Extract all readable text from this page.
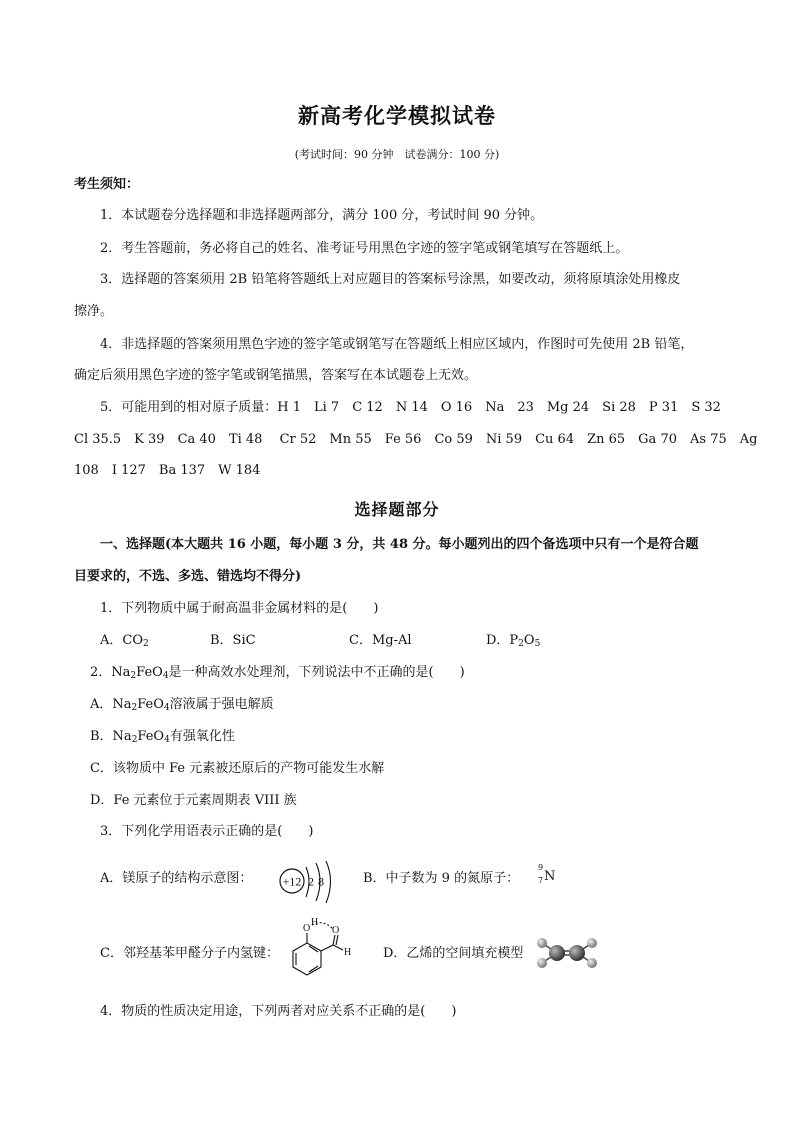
新高考化学模拟试卷
(考试时间：90 分钟　试卷满分：100 分)
考生须知：
1．本试题卷分选择题和非选择题两部分，满分 100 分，考试时间 90 分钟。
2．考生答题前，务必将自己的姓名、准考证号用黑色字迹的签字笔或钢笔填写在答题纸上。
3．选择题的答案须用 2B 铅笔将答题纸上对应题目的答案标号涂黑，如要改动，须将原填涂处用橡皮
擦净。
4．非选择题的答案须用黑色字迹的签字笔或钢笔写在答题纸上相应区域内，作图时可先使用 2B 铅笔，
确定后须用黑色字迹的签字笔或钢笔描黑，答案写在本试题卷上无效。
5．可能用到的相对原子质量：H 1　Li 7　C 12　N 14　O 16　Na　23　Mg 24　Si 28　P 31　S 32
Cl 35.5　K 39　Ca 40　Ti 48　 Cr 52　Mn 55　Fe 56　Co 59　Ni 59　Cu 64　Zn 65　Ga 70　As 75　Ag
108　I 127　Ba 137　W 184
选择题部分
一、选择题(本大题共 16 小题，每小题 3 分，共 48 分。每小题列出的四个备选项中只有一个是符合题
目要求的，不选、多选、错选均不得分)
1．下列物质中属于耐高温非金属材料的是(　　)
A．$CO_2$	B．SiC	C．Mg-Al	D．$P_2O_5$
2．$Na_2FeO_4$是一种高效水处理剂，下列说法中不正确的是(　　)
A．$Na_2FeO_4$溶液属于强电解质
B．$Na_2FeO_4$有强氧化性
C．该物质中 Fe 元素被还原后的产物可能发生水解
D．Fe 元素位于元素周期表 VIII 族
3．下列化学用语表示正确的是(　　)
A．镁原子的结构示意图：	+12 2 8	B．中子数为 9 的氮原子：
9
7 N
C．邻羟基苯甲醛分子内氢键：
O
H
O
H D．乙烯的空间填充模型
4．物质的性质决定用途，下列两者对应关系不正确的是(　　)
